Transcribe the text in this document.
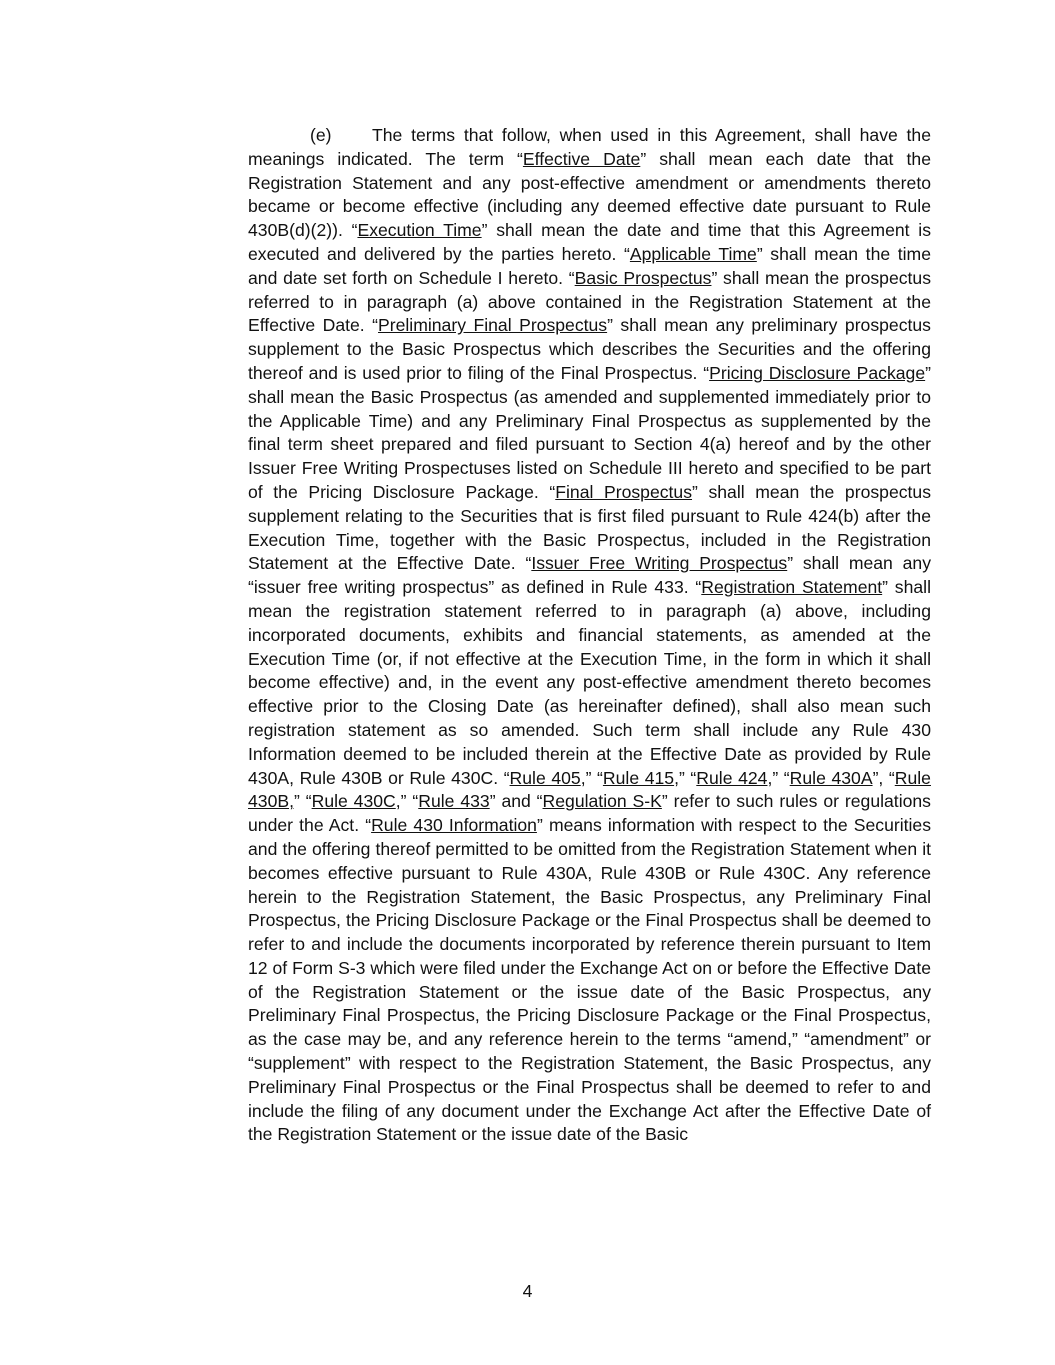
(e) The terms that follow, when used in this Agreement, shall have the meanings indicated. The term “Effective Date” shall mean each date that the Registration Statement and any post-effective amendment or amendments thereto became or become effective (including any deemed effective date pursuant to Rule 430B(d)(2)). “Execution Time” shall mean the date and time that this Agreement is executed and delivered by the parties hereto. “Applicable Time” shall mean the time and date set forth on Schedule I hereto. “Basic Prospectus” shall mean the prospectus referred to in paragraph (a) above contained in the Registration Statement at the Effective Date. “Preliminary Final Prospectus” shall mean any preliminary prospectus supplement to the Basic Prospectus which describes the Securities and the offering thereof and is used prior to filing of the Final Prospectus. “Pricing Disclosure Package” shall mean the Basic Prospectus (as amended and supplemented immediately prior to the Applicable Time) and any Preliminary Final Prospectus as supplemented by the final term sheet prepared and filed pursuant to Section 4(a) hereof and by the other Issuer Free Writing Prospectuses listed on Schedule III hereto and specified to be part of the Pricing Disclosure Package. “Final Prospectus” shall mean the prospectus supplement relating to the Securities that is first filed pursuant to Rule 424(b) after the Execution Time, together with the Basic Prospectus, included in the Registration Statement at the Effective Date. “Issuer Free Writing Prospectus” shall mean any “issuer free writing prospectus” as defined in Rule 433. “Registration Statement” shall mean the registration statement referred to in paragraph (a) above, including incorporated documents, exhibits and financial statements, as amended at the Execution Time (or, if not effective at the Execution Time, in the form in which it shall become effective) and, in the event any post-effective amendment thereto becomes effective prior to the Closing Date (as hereinafter defined), shall also mean such registration statement as so amended. Such term shall include any Rule 430 Information deemed to be included therein at the Effective Date as provided by Rule 430A, Rule 430B or Rule 430C. “Rule 405,” “Rule 415,” “Rule 424,” “Rule 430A”, “Rule 430B,” “Rule 430C,” “Rule 433” and “Regulation S-K” refer to such rules or regulations under the Act. “Rule 430 Information” means information with respect to the Securities and the offering thereof permitted to be omitted from the Registration Statement when it becomes effective pursuant to Rule 430A, Rule 430B or Rule 430C. Any reference herein to the Registration Statement, the Basic Prospectus, any Preliminary Final Prospectus, the Pricing Disclosure Package or the Final Prospectus shall be deemed to refer to and include the documents incorporated by reference therein pursuant to Item 12 of Form S-3 which were filed under the Exchange Act on or before the Effective Date of the Registration Statement or the issue date of the Basic Prospectus, any Preliminary Final Prospectus, the Pricing Disclosure Package or the Final Prospectus, as the case may be, and any reference herein to the terms “amend,” “amendment” or “supplement” with respect to the Registration Statement, the Basic Prospectus, any Preliminary Final Prospectus or the Final Prospectus shall be deemed to refer to and include the filing of any document under the Exchange Act after the Effective Date of the Registration Statement or the issue date of the Basic
4
